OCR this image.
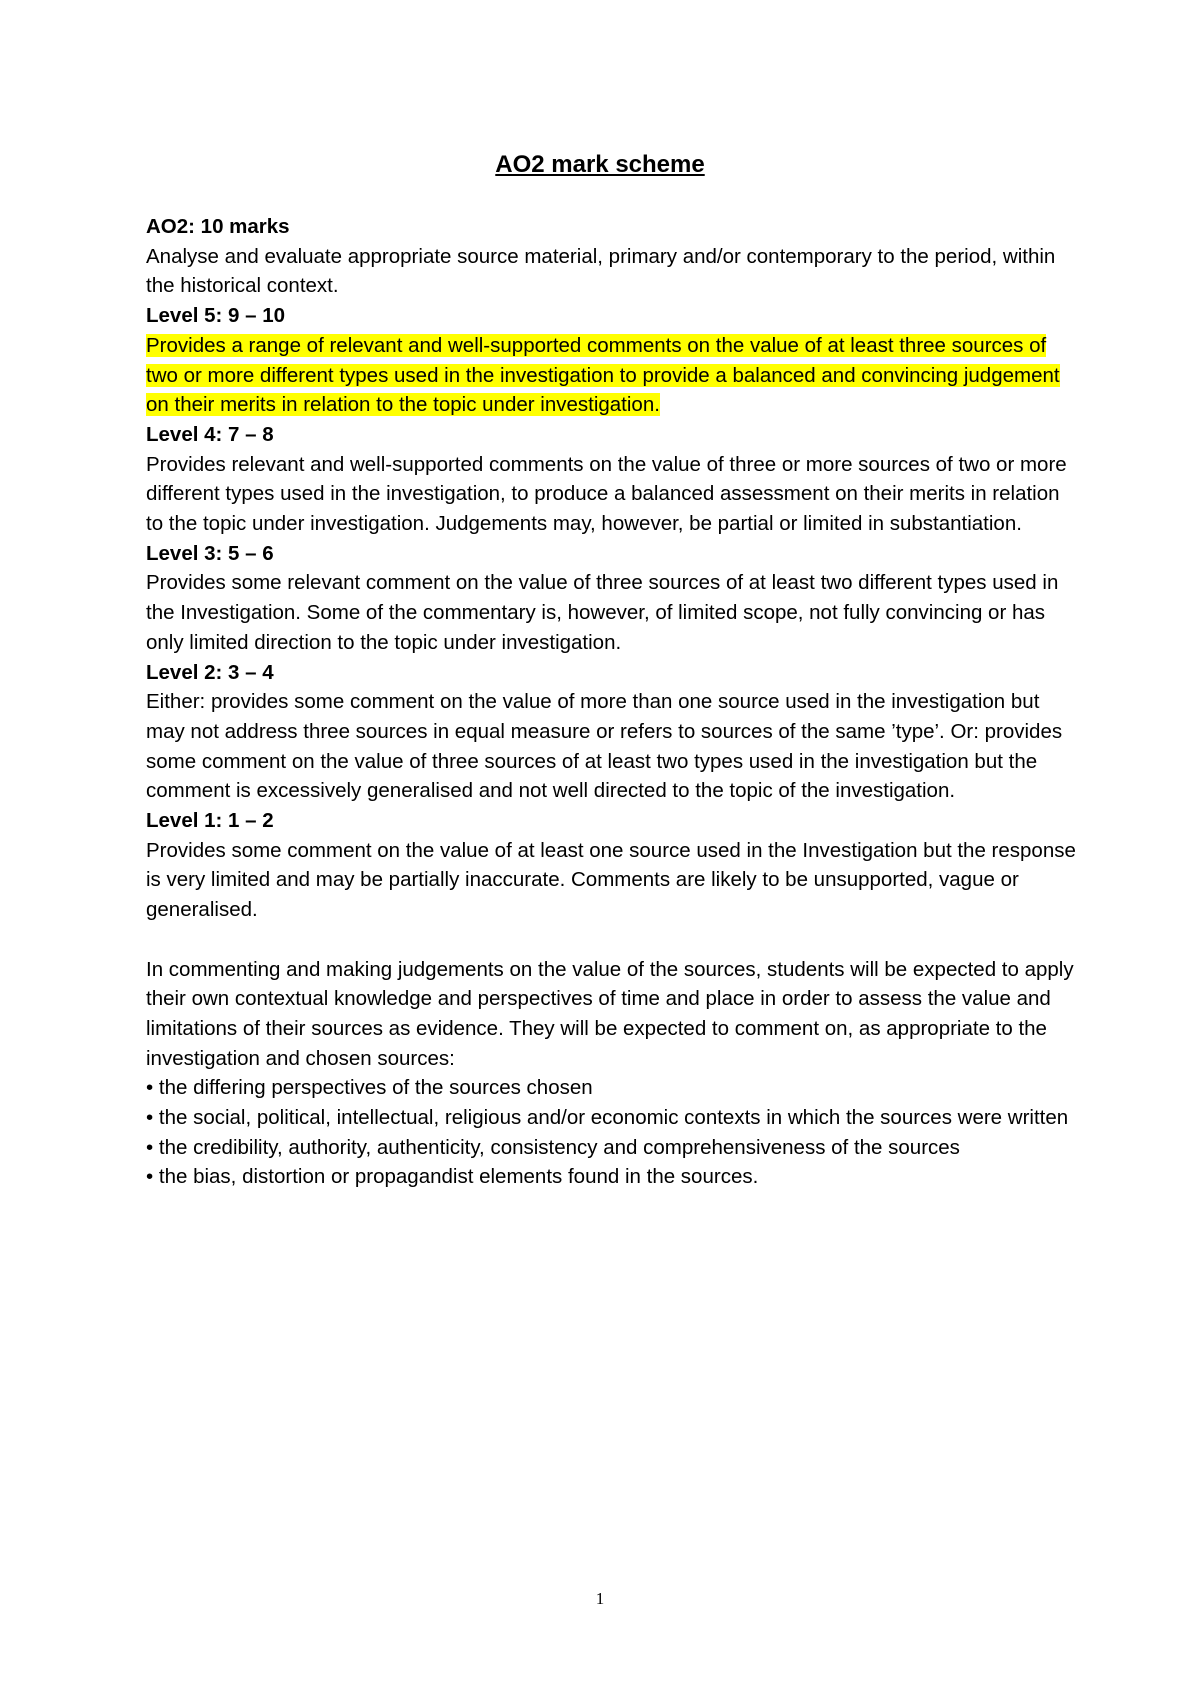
AO2 mark scheme

AO2: 10 marks

Analyse and evaluate appropriate source material, primary and/or contemporary to the period, within the historical context.

Level 5: 9 – 10

Provides a range of relevant and well-supported comments on the value of at least three sources of two or more different types used in the investigation to provide a balanced and convincing judgement on their merits in relation to the topic under investigation.

Level 4: 7 – 8

Provides relevant and well-supported comments on the value of three or more sources of two or more different types used in the investigation, to produce a balanced assessment on their merits in relation to the topic under investigation. Judgements may, however, be partial or limited in substantiation.

Level 3: 5 – 6

Provides some relevant comment on the value of three sources of at least two different types used in the Investigation. Some of the commentary is, however, of limited scope, not fully convincing or has only limited direction to the topic under investigation.

Level 2: 3 – 4

Either: provides some comment on the value of more than one source used in the investigation but may not address three sources in equal measure or refers to sources of the same ’type’. Or: provides some comment on the value of three sources of at least two types used in the investigation but the comment is excessively generalised and not well directed to the topic of the investigation.

Level 1: 1 – 2

Provides some comment on the value of at least one source used in the Investigation but the response is very limited and may be partially inaccurate. Comments are likely to be unsupported, vague or generalised.

In commenting and making judgements on the value of the sources, students will be expected to apply their own contextual knowledge and perspectives of time and place in order to assess the value and limitations of their sources as evidence. They will be expected to comment on, as appropriate to the investigation and chosen sources:

• the differing perspectives of the sources chosen

• the social, political, intellectual, religious and/or economic contexts in which the sources were written

• the credibility, authority, authenticity, consistency and comprehensiveness of the sources

• the bias, distortion or propagandist elements found in the sources.

1
